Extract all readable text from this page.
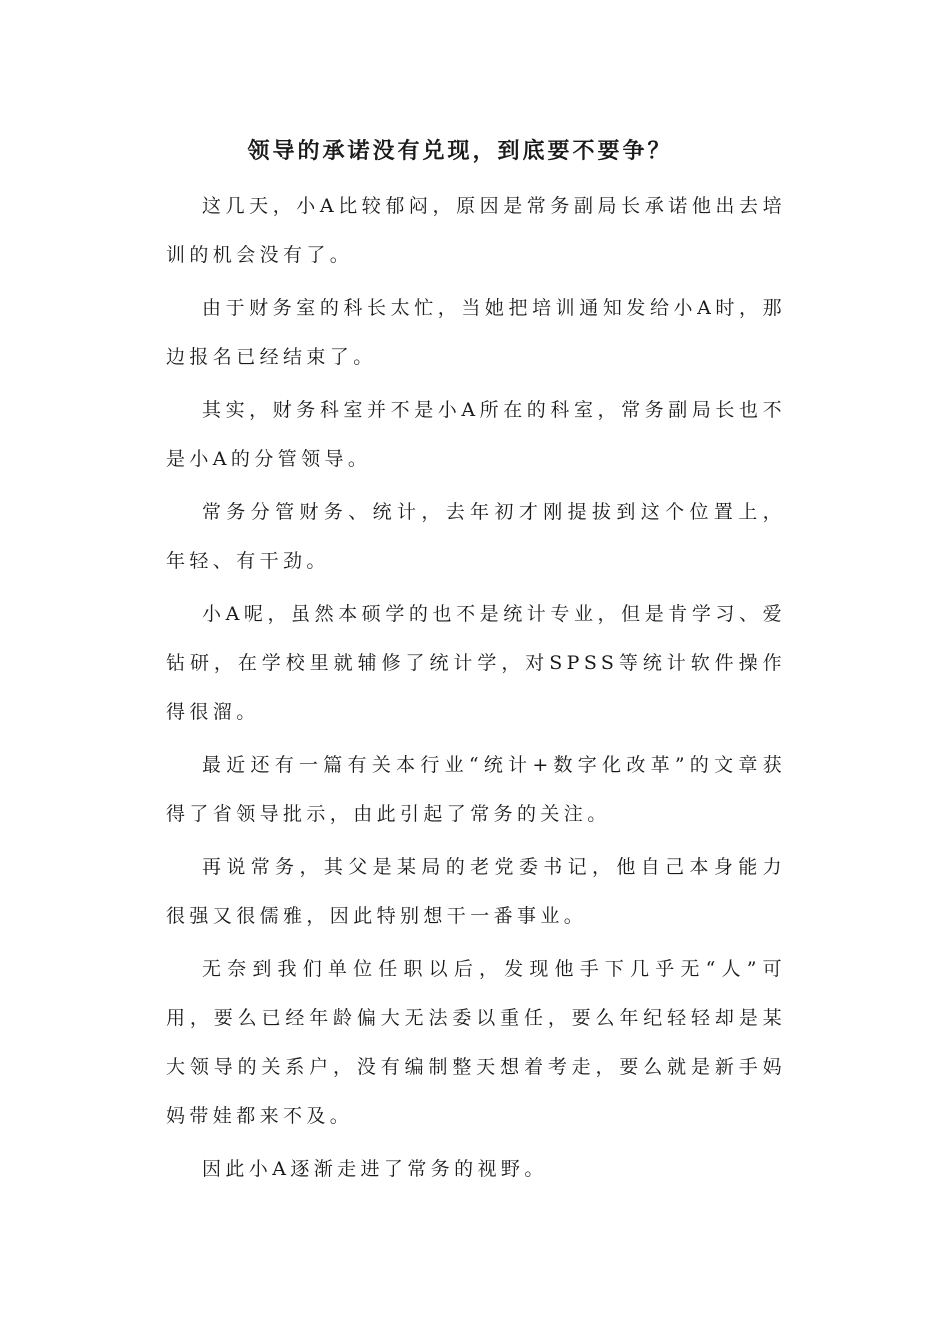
领导的承诺没有兑现，到底要不要争？

这几天，小A比较郁闷，原因是常务副局长承诺他出去培训的机会没有了。

由于财务室的科长太忙，当她把培训通知发给小A时，那边报名已经结束了。

其实，财务科室并不是小A所在的科室，常务副局长也不是小A的分管领导。

常务分管财务、统计，去年初才刚提拔到这个位置上，年轻、有干劲。

小A呢，虽然本硕学的也不是统计专业，但是肯学习、爱钻研，在学校里就辅修了统计学，对SPSS等统计软件操作得很溜。

最近还有一篇有关本行业“统计+数字化改革”的文章获得了省领导批示，由此引起了常务的关注。

再说常务，其父是某局的老党委书记，他自己本身能力很强又很儒雅，因此特别想干一番事业。

无奈到我们单位任职以后，发现他手下几乎无“人”可用，要么已经年龄偏大无法委以重任，要么年纪轻轻却是某大领导的关系户，没有编制整天想着考走，要么就是新手妈妈带娃都来不及。

因此小A逐渐走进了常务的视野。
